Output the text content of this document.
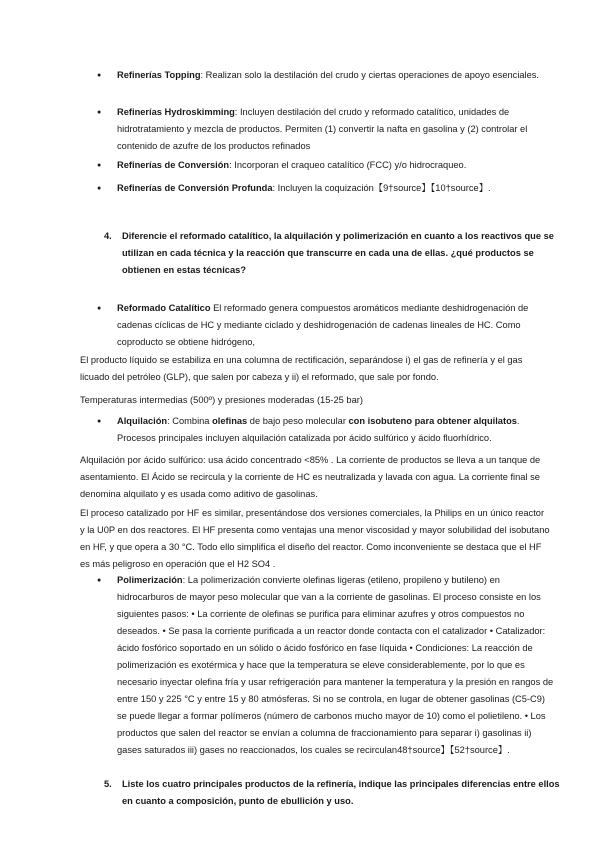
● Refinerías Topping: Realizan solo la destilación del crudo y ciertas operaciones de apoyo esenciales.
● Refinerías Hydroskimming: Incluyen destilación del crudo y reformado catalítico, unidades de hidrotratamiento y mezcla de productos. Permiten (1) convertir la nafta en gasolina y (2) controlar el contenido de azufre de los productos refinados
● Refinerías de Conversión: Incorporan el craqueo catalítico (FCC) y/o hidrocraqueo.
● Refinerías de Conversión Profunda: Incluyen la coquización【9†source】【10†source】.
4. Diferencie el reformado catalítico, la alquilación y polimerización en cuanto a los reactivos que se utilizan en cada técnica y la reacción que transcurre en cada una de ellas. ¿qué productos se obtienen en estas técnicas?
● Reformado Catalítico El reformado genera compuestos aromáticos mediante deshidrogenación de cadenas cíclicas de HC y mediante ciclado y deshidrogenación de cadenas lineales de HC. Como coproducto se obtiene hidrógeno,
El producto líquido se estabiliza en una columna de rectificación, separándose i) el gas de refinería y el gas licuado del petróleo (GLP), que salen por cabeza y ii) el reformado, que sale por fondo.
Temperaturas intermedias (500º) y presiones moderadas (15-25 bar)
● Alquilación: Combina olefinas de bajo peso molecular con isobuteno para obtener alquilatos. Procesos principales incluyen alquilación catalizada por ácido sulfúrico y ácido fluorhídrico.
Alquilación por ácido sulfúrico: usa ácido concentrado <85% . La corriente de productos se lleva a un tanque de asentamiento. El Ácido se recircula y la corriente de HC es neutralizada y lavada con agua. La corriente final se denomina alquilato y es usada como aditivo de gasolinas.
El proceso catalizado por HF es similar, presentándose dos versiones comerciales, la Philips en un único reactor y la U0P en dos reactores. El HF presenta como ventajas una menor viscosidad y mayor solubilidad del isobutano en HF, y que opera a 30 °C. Todo ello simplifica el diseño del reactor. Como inconveniente se destaca que el HF es más peligroso en operación que el H2 SO4 .
● Polimerización: La polimerización convierte olefinas ligeras (etileno, propileno y butileno) en hidrocarburos de mayor peso molecular que van a la corriente de gasolinas. El proceso consiste en los siguientes pasos: • La corriente de olefinas se purifica para eliminar azufres y otros compuestos no deseados. • Se pasa la corriente purificada a un reactor donde contacta con el catalizador • Catalizador: ácido fosfórico soportado en un sólido o ácido fosfórico en fase líquida • Condiciones: La reacción de polimerización es exotérmica y hace que la temperatura se eleve considerablemente, por lo que es necesario inyectar olefina fría y usar refrigeración para mantener la temperatura y la presión en rangos de entre 150 y 225 °C y entre 15 y 80 atmósferas. Si no se controla, en lugar de obtener gasolinas (C5-C9) se puede llegar a formar polímeros (número de carbonos mucho mayor de 10) como el polietileno. • Los productos que salen del reactor se envían a columna de fraccionamiento para separar i) gasolinas ii) gases saturados iii) gases no reaccionados, los cuales se recirculan48†source】【52†source】.
5. Liste los cuatro principales productos de la refinería, indique las principales diferencias entre ellos en cuanto a composición, punto de ebullición y uso.
